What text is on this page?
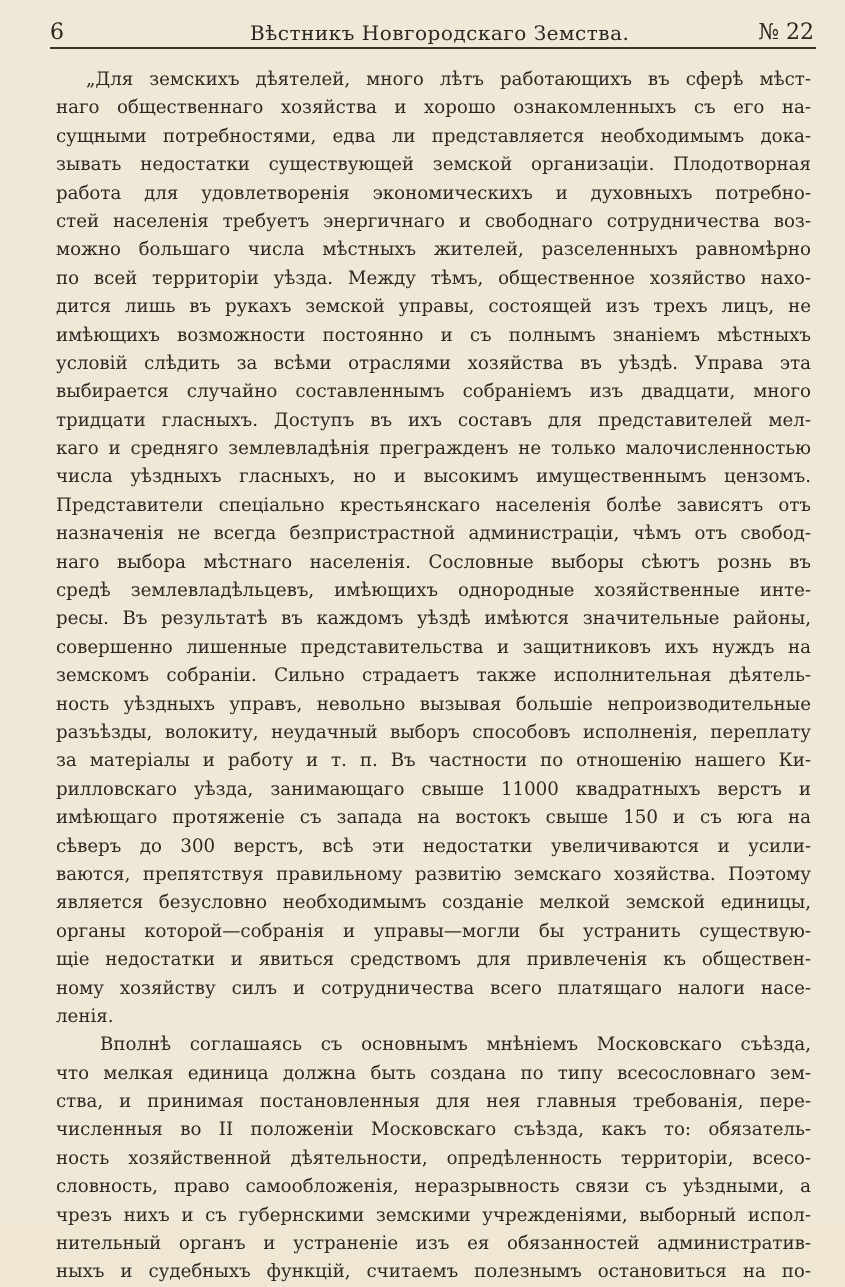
6	Вѣстникъ Новгородскаго Земства.	№ 22
„Для земскихъ дѣятелей, много лѣтъ работающихъ въ сферѣ мѣст-
наго общественнаго хозяйства и хорошо ознакомленныхъ съ его на-
сущными потребностями, едва ли представляется необходимымъ дока-
зывать недостатки существующей земской организаціи. Плодотворная
работа для удовлетворенія экономическихъ и духовныхъ потребно-
стей населенія требуетъ энергичнаго и свободнаго сотрудничества воз-
можно большаго числа мѣстныхъ жителей, разселенныхъ равномѣрно
по всей территоріи уѣзда. Между тѣмъ, общественное хозяйство нахо-
дится лишь въ рукахъ земской управы, состоящей изъ трехъ лицъ, не
имѣющихъ возможности постоянно и съ полнымъ знаніемъ мѣстныхъ
условій слѣдить за всѣми отраслями хозяйства въ уѣздѣ. Управа эта
выбирается случайно составленнымъ собраніемъ изъ двадцати, много
тридцати гласныхъ. Доступъ въ ихъ составъ для представителей мел-
каго и средняго землевладѣнія прегражденъ не только малочисленностью
числа уѣздныхъ гласныхъ, но и высокимъ имущественнымъ цензомъ.
Представители спеціально крестьянскаго населенія болѣе зависятъ отъ
назначенія не всегда безпристрастной администраціи, чѣмъ отъ свобод-
наго выбора мѣстнаго населенія. Сословные выборы сѣютъ рознь въ
средѣ землевладѣльцевъ, имѣющихъ однородные хозяйственные инте-
ресы. Въ результатѣ въ каждомъ уѣздѣ имѣются значительные районы,
совершенно лишенные представительства и защитниковъ ихъ нуждъ на
земскомъ собраніи. Сильно страдаетъ также исполнительная дѣятель-
ность уѣздныхъ управъ, невольно вызывая большіе непроизводительные
разъѣзды, волокиту, неудачный выборъ способовъ исполненія, переплату
за матеріалы и работу и т. п. Въ частности по отношенію нашего Ки-
рилловскаго уѣзда, занимающаго свыше 11000 квадратныхъ верстъ и
имѣющаго протяженіе съ запада на востокъ свыше 150 и съ юга на
сѣверъ до 300 верстъ, всѣ эти недостатки увеличиваются и усили-
ваются, препятствуя правильному развитію земскаго хозяйства. Поэтому
является безусловно необходимымъ созданіе мелкой земской единицы,
органы которой—собранія и управы—могли бы устранить существую-
щіе недостатки и явиться средствомъ для привлеченія къ обществен-
ному хозяйству силъ и сотрудничества всего платящаго налоги насе-
ленія.
Вполнѣ соглашаясь съ основнымъ мнѣніемъ Московскаго съѣзда,
что мелкая единица должна быть создана по типу всесословнаго зем-
ства, и принимая постановленныя для нея главныя требованія, пере-
численныя во II положеніи Московскаго съѣзда, какъ то: обязатель-
ность хозяйственной дѣятельности, опредѣленность территоріи, всесо-
словность, право самообложенія, неразрывность связи съ уѣздными, а
чрезъ нихъ и съ губернскими земскими учрежденіями, выборный испол-
нительный органъ и устраненіе изъ ея обязанностей административ-
ныхъ и судебныхъ функцій, считаемъ полезнымъ остановиться на по-
